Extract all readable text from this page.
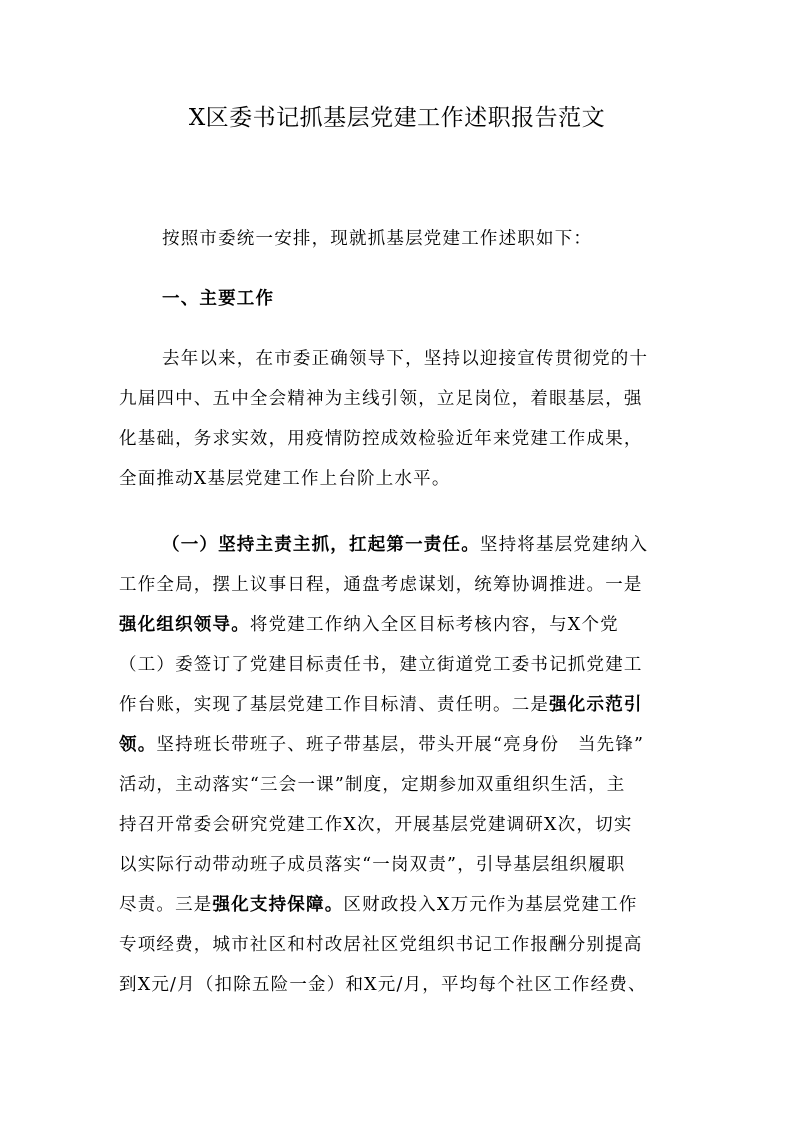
X区委书记抓基层党建工作述职报告范文
按照市委统一安排，现就抓基层党建工作述职如下：
一、主要工作
去年以来，在市委正确领导下，坚持以迎接宣传贯彻党的十
九届四中、五中全会精神为主线引领，立足岗位，着眼基层，强
化基础，务求实效，用疫情防控成效检验近年来党建工作成果，
全面推动X基层党建工作上台阶上水平。
（一）坚持主责主抓，扛起第一责任。坚持将基层党建纳入
工作全局，摆上议事日程，通盘考虑谋划，统筹协调推进。一是
强化组织领导。将党建工作纳入全区目标考核内容，与X个党
（工）委签订了党建目标责任书，建立街道党工委书记抓党建工
作台账，实现了基层党建工作目标清、责任明。二是强化示范引
领。坚持班长带班子、班子带基层，带头开展“亮身份　当先锋”
活动，主动落实“三会一课”制度，定期参加双重组织生活，主
持召开常委会研究党建工作X次，开展基层党建调研X次，切实
以实际行动带动班子成员落实“一岗双责”，引导基层组织履职
尽责。三是强化支持保障。区财政投入X万元作为基层党建工作
专项经费，城市社区和村改居社区党组织书记工作报酬分别提高
到X元/月（扣除五险一金）和X元/月，平均每个社区工作经费、
